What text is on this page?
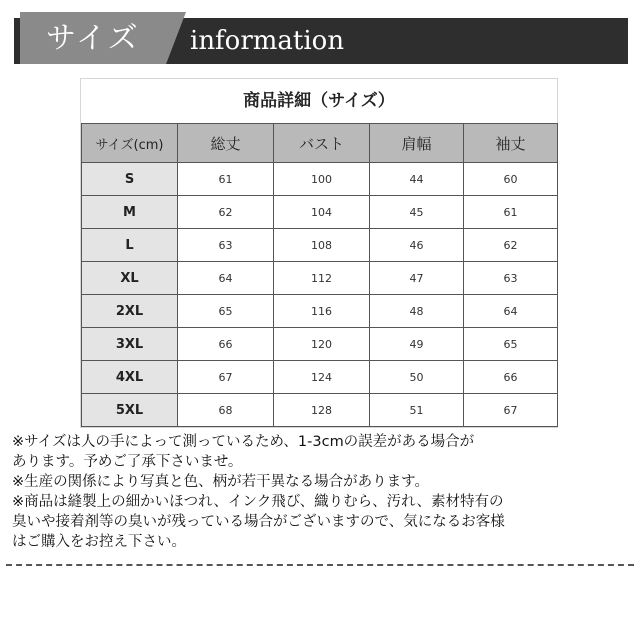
サイズ information
商品詳細（サイズ）
サイズ(cm)	総丈	バスト	肩幅	袖丈
S	61	100	44	60
M	62	104	45	61
L	63	108	46	62
XL	64	112	47	63
2XL	65	116	48	64
3XL	66	120	49	65
4XL	67	124	50	66
5XL	68	128	51	67

※サイズは人の手によって測っているため、1-3cmの誤差がある場合が

あります。予めご了承下さいませ。

※生産の関係により写真と色、柄が若干異なる場合があります。

※商品は縫製上の細かいほつれ、インク飛び、織りむら、汚れ、素材特有の

臭いや接着剤等の臭いが残っている場合がございますので、気になるお客様

はご購入をお控え下さい。
